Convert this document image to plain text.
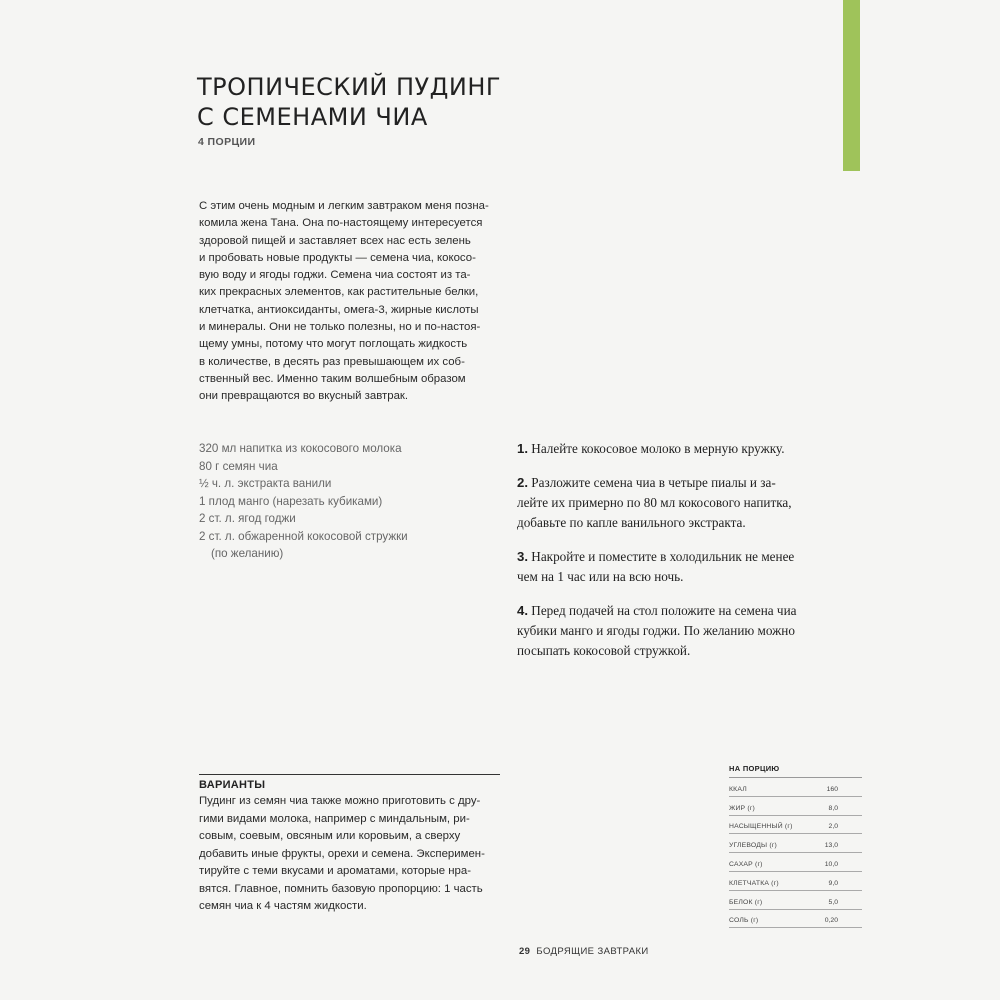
ТРОПИЧЕСКИЙ ПУДИНГ
С СЕМЕНАМИ ЧИА
4 ПОРЦИИ

С этим очень модным и легким завтраком меня позна-
комила жена Тана. Она по-настоящему интересуется
здоровой пищей и заставляет всех нас есть зелень
и пробовать новые продукты — семена чиа, кокосо-
вую воду и ягоды годжи. Семена чиа состоят из та-
ких прекрасных элементов, как растительные белки,
клетчатка, антиоксиданты, омега-3, жирные кислоты
и минералы. Они не только полезны, но и по-настоя-
щему умны, потому что могут поглощать жидкость
в количестве, в десять раз превышающем их соб-
ственный вес. Именно таким волшебным образом
они превращаются во вкусный завтрак.

320 мл напитка из кокосового молока
80 г семян чиа
½ ч. л. экстракта ванили
1 плод манго (нарезать кубиками)
2 ст. л. ягод годжи
2 ст. л. обжаренной кокосовой стружки
(по желанию)
1. Налейте кокосовое молоко в мерную кружку.
2. Разложите семена чиа в четыре пиалы и за-
лейте их примерно по 80 мл кокосового напитка,
добавьте по капле ванильного экстракта.
3. Накройте и поместите в холодильник не менее
чем на 1 час или на всю ночь.
4. Перед подачей на стол положите на семена чиа
кубики манго и ягоды годжи. По желанию можно
посыпать кокосовой стружкой.
ВАРИАНТЫ

Пудинг из семян чиа также можно приготовить с дру-
гими видами молока, например с миндальным, ри-
совым, соевым, овсяным или коровьим, а сверху
добавить иные фрукты, орехи и семена. Эксперимен-
тируйте с теми вкусами и ароматами, которые нра-
вятся. Главное, помнить базовую пропорцию: 1 часть
семян чиа к 4 частям жидкости.

НА ПОРЦИЮ
ККАЛ	160
ЖИР (г)	8,0
НАСЫЩЕННЫЙ (г)	2,0
УГЛЕВОДЫ (г)	13,0
САХАР (г)	10,0
КЛЕТЧАТКА (г)	9,0
БЕЛОК (г)	5,0
СОЛЬ (г)	0,20
29 БОДРЯЩИЕ ЗАВТРАКИ
